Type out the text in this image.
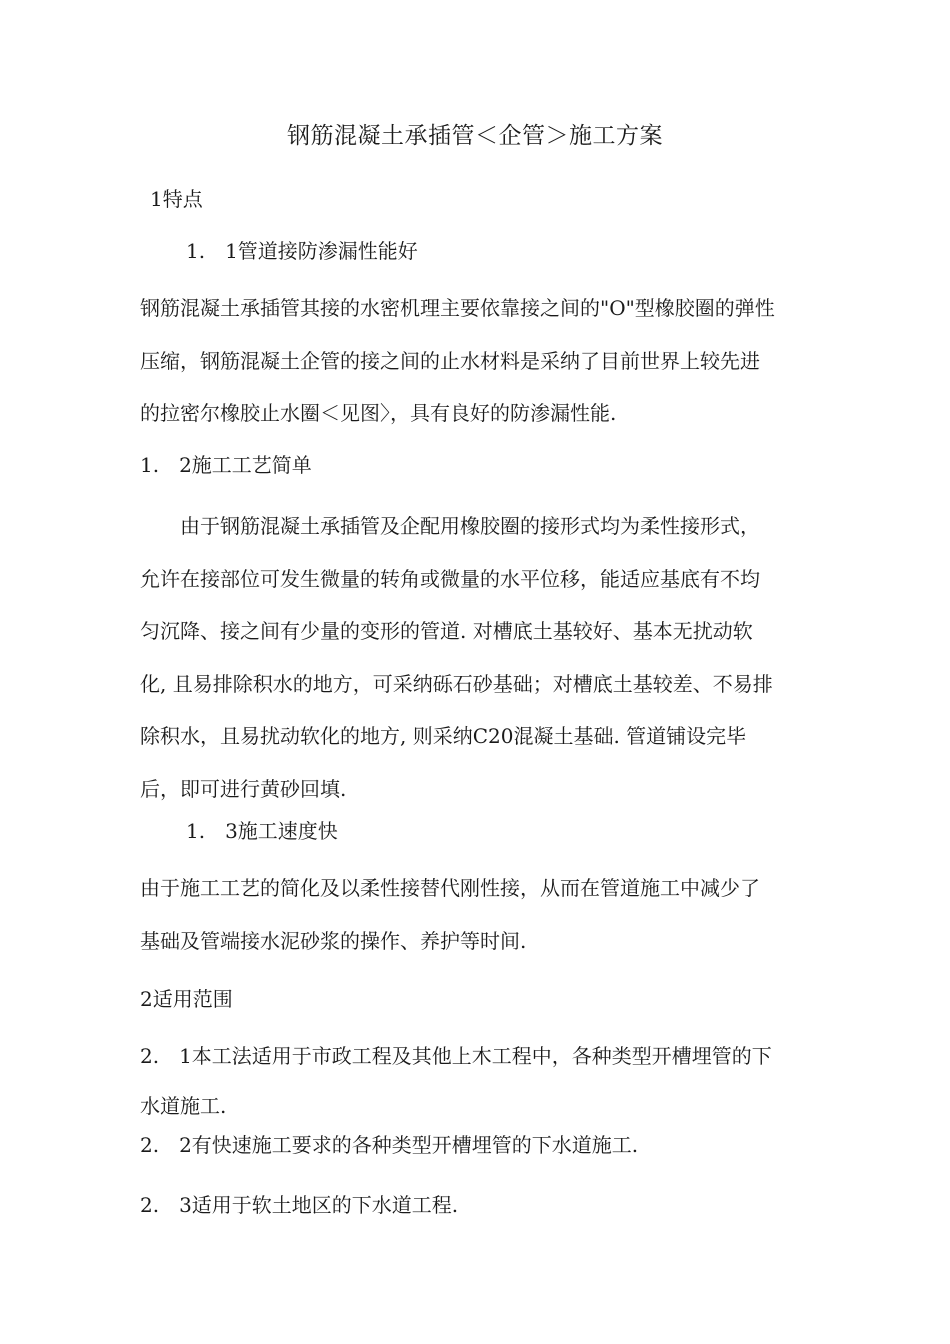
钢筋混凝土承插管＜企管＞施工方案
1特点
1.　1管道接防渗漏性能好
钢筋混凝土承插管其接的水密机理主要依靠接之间的"O"型橡胶圈的弹性
压缩，钢筋混凝土企管的接之间的止水材料是采纳了目前世界上较先进
的拉密尔橡胶止水圈＜见图〉，具有良好的防渗漏性能.
1.　2施工工艺简单
　　由于钢筋混凝土承插管及企配用橡胶圈的接形式均为柔性接形式，
允许在接部位可发生微量的转角或微量的水平位移，能适应基底有不均
匀沉降、接之间有少量的变形的管道. 对槽底土基较好、基本无扰动软
化, 且易排除积水的地方，可采纳砾石砂基础；对槽底土基较差、不易排
除积水，且易扰动软化的地方, 则采纳C20混凝土基础. 管道铺设完毕
后，即可进行黄砂回填.
1.　3施工速度快
由于施工工艺的简化及以柔性接替代刚性接，从而在管道施工中减少了
基础及管端接水泥砂浆的操作、养护等时间.
2适用范围
2.　1本工法适用于市政工程及其他上木工程中，各种类型开槽埋管的下
水道施工.
2.　2有快速施工要求的各种类型开槽埋管的下水道施工.
2.　3适用于软土地区的下水道工程.
